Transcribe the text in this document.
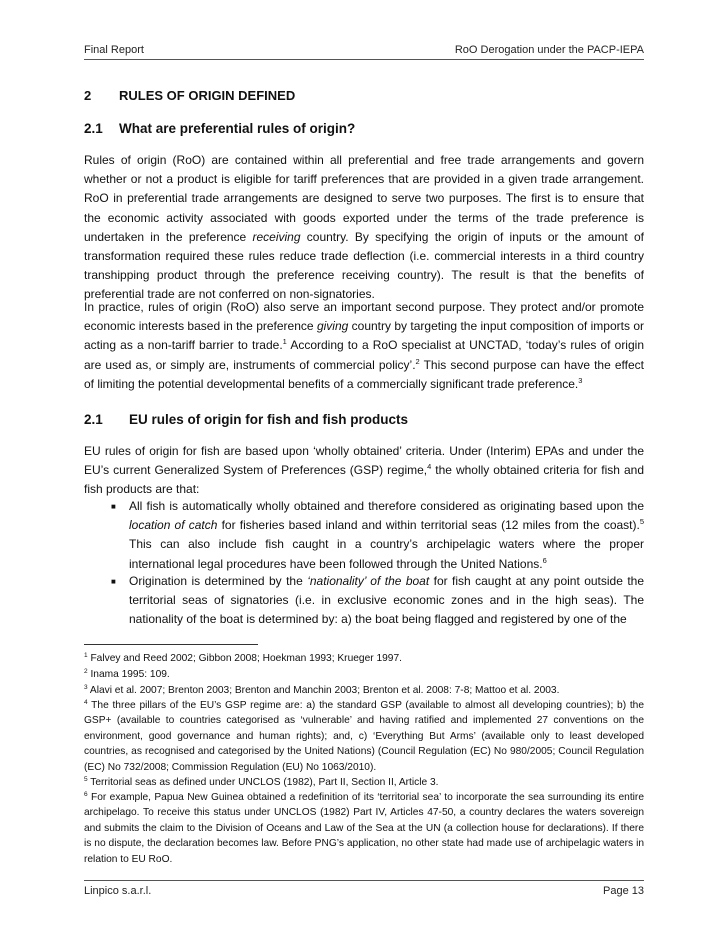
Final Report	RoO Derogation under the PACP-IEPA
2 RULES OF ORIGIN DEFINED
2.1 What are preferential rules of origin?
Rules of origin (RoO) are contained within all preferential and free trade arrangements and govern whether or not a product is eligible for tariff preferences that are provided in a given trade arrangement. RoO in preferential trade arrangements are designed to serve two purposes. The first is to ensure that the economic activity associated with goods exported under the terms of the trade preference is undertaken in the preference receiving country. By specifying the origin of inputs or the amount of transformation required these rules reduce trade deflection (i.e. commercial interests in a third country transhipping product through the preference receiving country). The result is that the benefits of preferential trade are not conferred on non-signatories.
In practice, rules of origin (RoO) also serve an important second purpose. They protect and/or promote economic interests based in the preference giving country by targeting the input composition of imports or acting as a non-tariff barrier to trade.$^1$ According to a RoO specialist at UNCTAD, ‘today’s rules of origin are used as, or simply are, instruments of commercial policy’.$^2$ This second purpose can have the effect of limiting the potential developmental benefits of a commercially significant trade preference.$^3$
2.1 EU rules of origin for fish and fish products
EU rules of origin for fish are based upon ‘wholly obtained’ criteria. Under (Interim) EPAs and under the EU’s current Generalized System of Preferences (GSP) regime,$^4$ the wholly obtained criteria for fish and fish products are that:
■ All fish is automatically wholly obtained and therefore considered as originating based upon the location of catch for fisheries based inland and within territorial seas (12 miles from the coast).$^5$ This can also include fish caught in a country’s archipelagic waters where the proper international legal procedures have been followed through the United Nations.$^6$
■ Origination is determined by the ‘nationality’ of the boat for fish caught at any point outside the territorial seas of signatories (i.e. in exclusive economic zones and in the high seas). The nationality of the boat is determined by: a) the boat being flagged and registered by one of the
$^1$ Falvey and Reed 2002; Gibbon 2008; Hoekman 1993; Krueger 1997.
$^2$ Inama 1995: 109.
$^3$ Alavi et al. 2007; Brenton 2003; Brenton and Manchin 2003; Brenton et al. 2008: 7-8; Mattoo et al. 2003.
$^4$ The three pillars of the EU’s GSP regime are: a) the standard GSP (available to almost all developing countries); b) the GSP+ (available to countries categorised as ‘vulnerable’ and having ratified and implemented 27 conventions on the environment, good governance and human rights); and, c) ‘Everything But Arms’ (available only to least developed countries, as recognised and categorised by the United Nations) (Council Regulation (EC) No 980/2005; Council Regulation (EC) No 732/2008; Commission Regulation (EU) No 1063/2010).
$^5$ Territorial seas as defined under UNCLOS (1982), Part II, Section II, Article 3.
$^6$ For example, Papua New Guinea obtained a redefinition of its ‘territorial sea’ to incorporate the sea surrounding its entire archipelago. To receive this status under UNCLOS (1982) Part IV, Articles 47-50, a country declares the waters sovereign and submits the claim to the Division of Oceans and Law of the Sea at the UN (a collection house for declarations). If there is no dispute, the declaration becomes law. Before PNG’s application, no other state had made use of archipelagic waters in relation to EU RoO.
Linpico s.a.r.l.	Page 13
